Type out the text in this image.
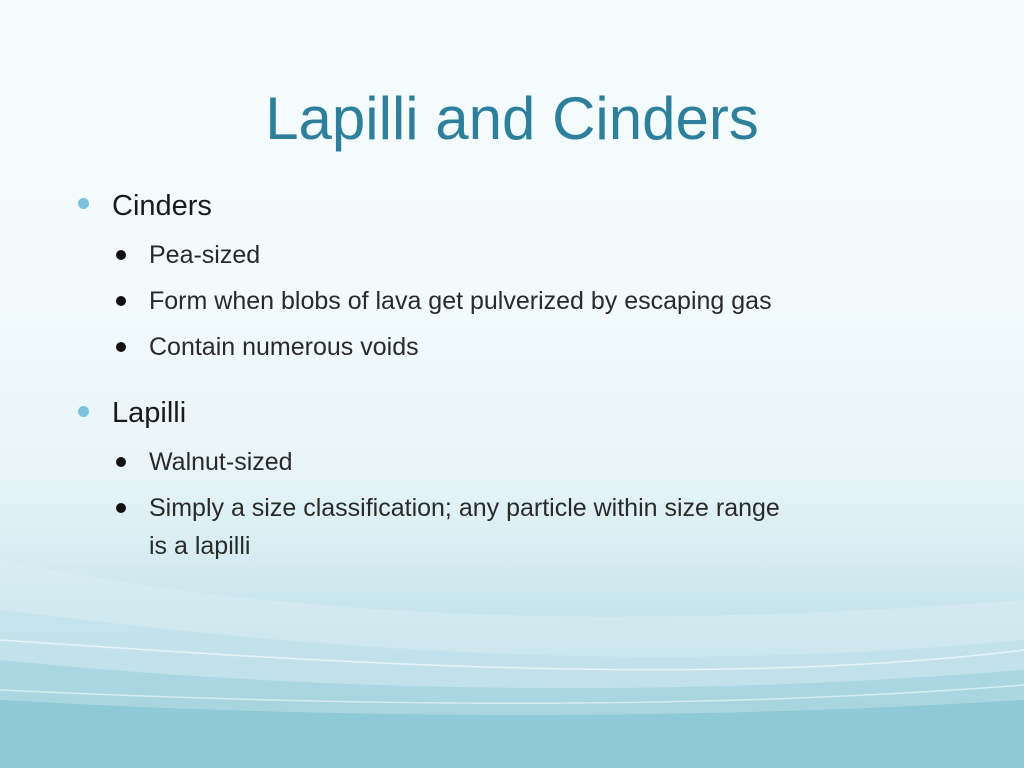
Lapilli and Cinders
Cinders
Pea-sized
Form when blobs of lava get pulverized by escaping gas
Contain numerous voids
Lapilli
Walnut-sized
Simply a size classification; any particle within size range
is a lapilli
